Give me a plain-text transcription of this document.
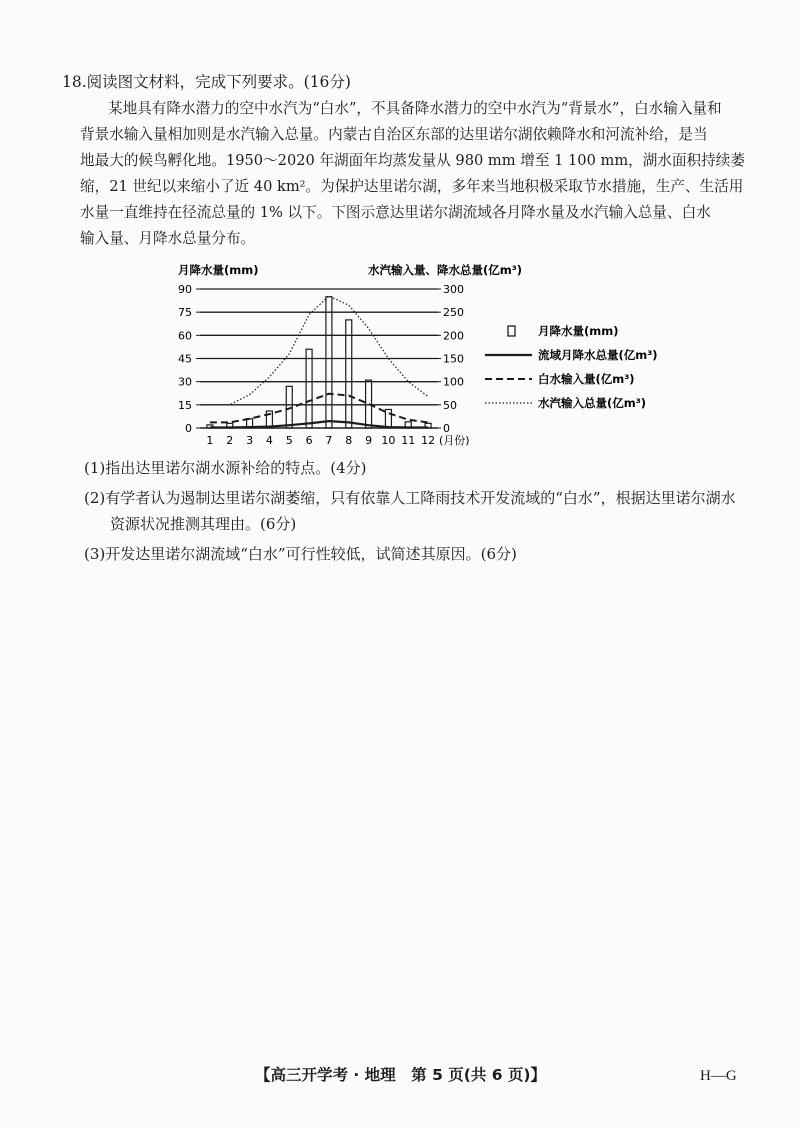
18.阅读图文材料，完成下列要求。(16分)
某地具有降水潜力的空中水汽为“白水”，不具备降水潜力的空中水汽为“背景水”，白水输入量和
背景水输入量相加则是水汽输入总量。内蒙古自治区东部的达里诺尔湖依赖降水和河流补给，是当
地最大的候鸟孵化地。1950～2020 年湖面年均蒸发量从 980 mm 增至 1 100 mm，湖水面积持续萎
缩，21 世纪以来缩小了近 40 km²。为保护达里诺尔湖，多年来当地积极采取节水措施，生产、生活用
水量一直维持在径流总量的 1% 以下。下图示意达里诺尔湖流域各月降水量及水汽输入总量、白水
输入量、月降水总量分布。
月降水量(mm)	水汽输入量、降水总量(亿m³)
0	0
15	50
30	100
45	150
60	200
75	250
90	300
1 2 3 4 5 6 7 8 9 10 11 12 (月份)
月降水量(mm)
流域月降水总量(亿m³)
白水输入量(亿m³)
水汽输入总量(亿m³)
(1)指出达里诺尔湖水源补给的特点。(4分)
(2)有学者认为遏制达里诺尔湖萎缩，只有依靠人工降雨技术开发流域的“白水”，根据达里诺尔湖水
资源状况推测其理由。(6分)
(3)开发达里诺尔湖流域“白水”可行性较低，试简述其原因。(6分)
【高三开学考 · 地理　第 5 页(共 6 页)】	H—G
